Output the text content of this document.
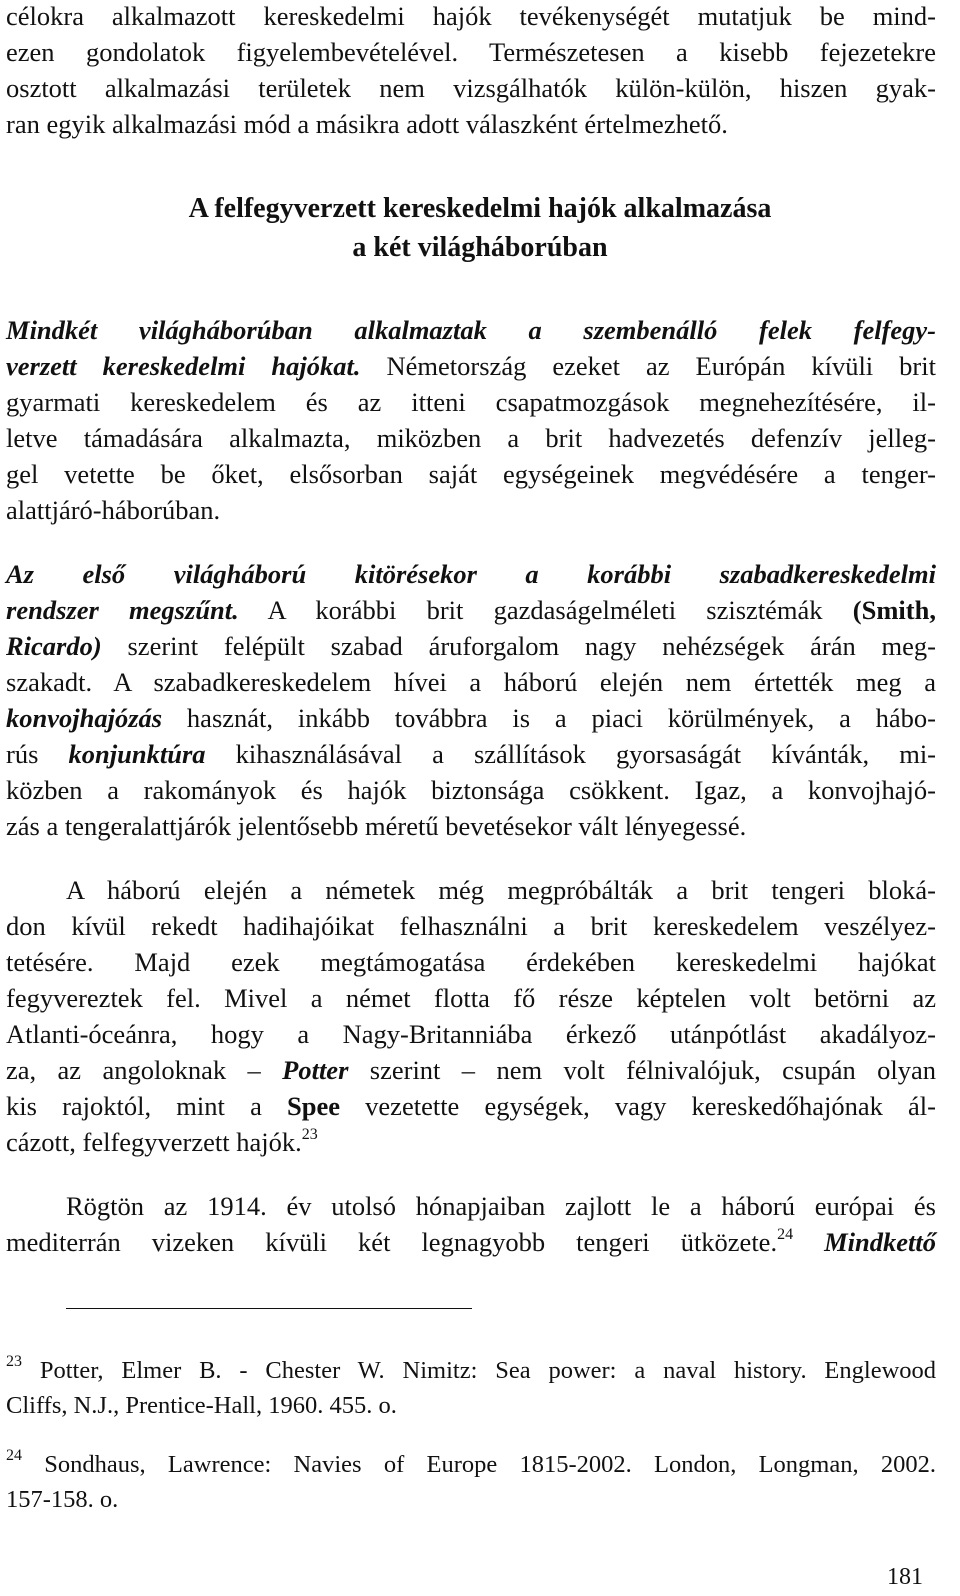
célokra alkalmazott kereskedelmi hajók tevékenységét mutatjuk be mind-
ezen gondolatok figyelembevételével. Természetesen a kisebb fejezetekre
osztott alkalmazási területek nem vizsgálhatók külön-külön, hiszen gyak-
ran egyik alkalmazási mód a másikra adott válaszként értelmezhető.
A felfegyverzett kereskedelmi hajók alkalmazása
a két világháborúban
Mindkét világháborúban alkalmaztak a szembenálló felek felfegy-
verzett kereskedelmi hajókat. Németország ezeket az Európán kívüli brit
gyarmati kereskedelem és az itteni csapatmozgások megnehezítésére, il-
letve támadására alkalmazta, miközben a brit hadvezetés defenzív jelleg-
gel vetette be őket, elsősorban saját egységeinek megvédésére a tenger-
alattjáró-háborúban.
Az első világháború kitörésekor a korábbi szabadkereskedelmi
rendszer megszűnt. A korábbi brit gazdaságelméleti szisztémák (Smith,
Ricardo) szerint felépült szabad áruforgalom nagy nehézségek árán meg-
szakadt. A szabadkereskedelem hívei a háború elején nem értették meg a
konvojhajózás hasznát, inkább továbbra is a piaci körülmények, a hábo-
rús konjunktúra kihasználásával a szállítások gyorsaságát kívánták, mi-
közben a rakományok és hajók biztonsága csökkent. Igaz, a konvojhajó-
zás a tengeralattjárók jelentősebb méretű bevetésekor vált lényegessé.
A háború elején a németek még megpróbálták a brit tengeri bloká-
don kívül rekedt hadihajóikat felhasználni a brit kereskedelem veszélyez-
tetésére. Majd ezek megtámogatása érdekében kereskedelmi hajókat
fegyvereztek fel. Mivel a német flotta fő része képtelen volt betörni az
Atlanti-óceánra, hogy a Nagy-Britanniába érkező utánpótlást akadályoz-
za, az angoloknak – Potter szerint – nem volt félnivalójuk, csupán olyan
kis rajoktól, mint a Spee vezetette egységek, vagy kereskedőhajónak ál-
cázott, felfegyverzett hajók.$^{23}$
Rögtön az 1914. év utolsó hónapjaiban zajlott le a háború európai és
mediterrán vizeken kívüli két legnagyobb tengeri ütközete.$^{24}$ Mindkettő
$^{23}$ Potter, Elmer B. - Chester W. Nimitz: Sea power: a naval history. Englewood
Cliffs, N.J., Prentice-Hall, 1960. 455. o.
$^{24}$ Sondhaus, Lawrence: Navies of Europe 1815-2002. London, Longman, 2002.
157-158. o.
181
